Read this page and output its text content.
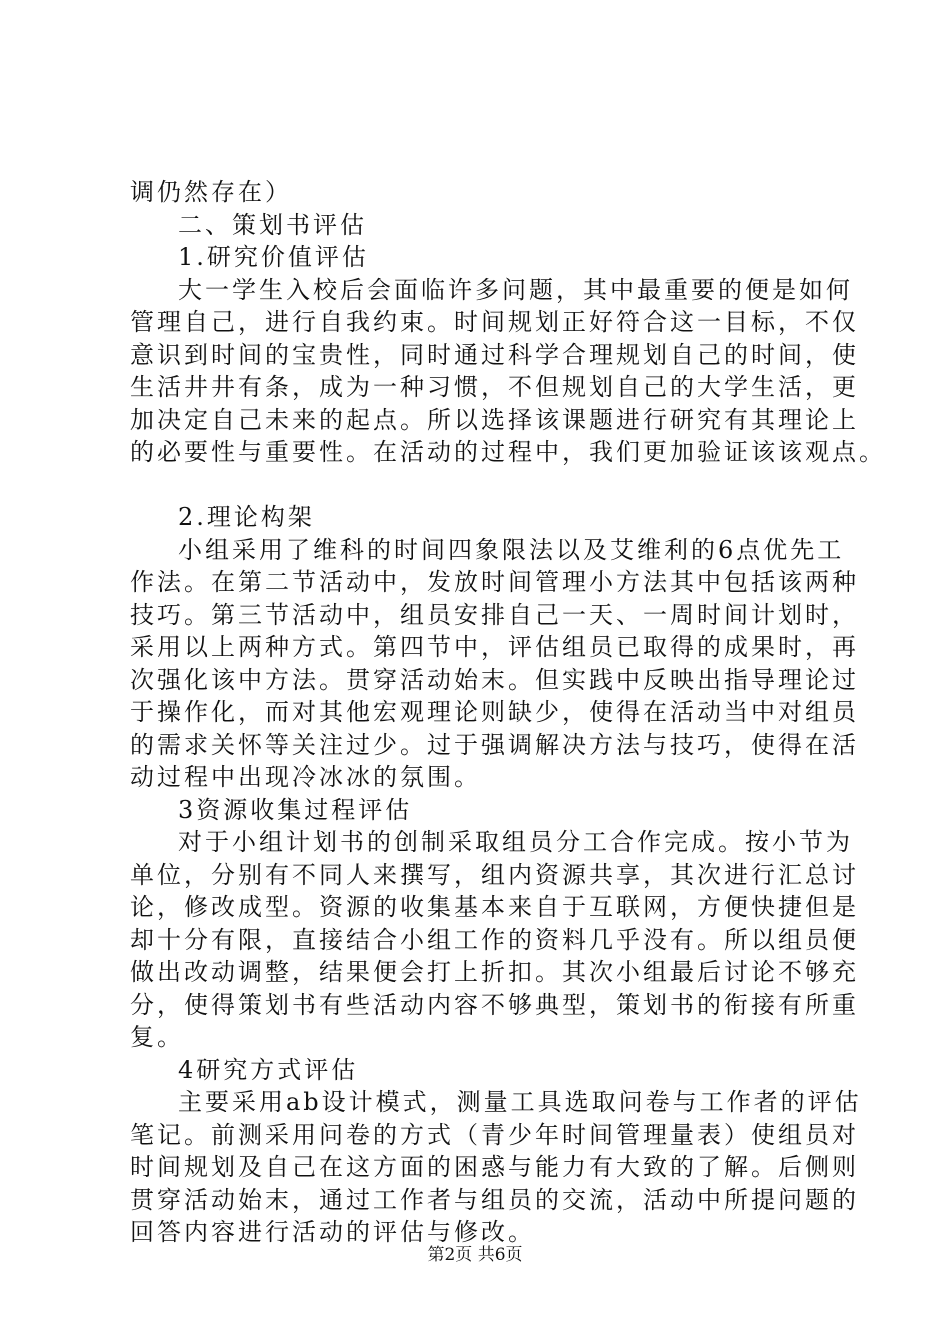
调仍然存在）
二、策划书评估
1.研究价值评估
大一学生入校后会面临许多问题，其中最重要的便是如何
管理自己，进行自我约束。时间规划正好符合这一目标，不仅
意识到时间的宝贵性，同时通过科学合理规划自己的时间，使
生活井井有条，成为一种习惯，不但规划自己的大学生活，更
加决定自己未来的起点。所以选择该课题进行研究有其理论上
的必要性与重要性。在活动的过程中，我们更加验证该该观点。
2.理论构架
小组采用了维科的时间四象限法以及艾维利的6点优先工
作法。在第二节活动中，发放时间管理小方法其中包括该两种
技巧。第三节活动中，组员安排自己一天、一周时间计划时，
采用以上两种方式。第四节中，评估组员已取得的成果时，再
次强化该中方法。贯穿活动始末。但实践中反映出指导理论过
于操作化，而对其他宏观理论则缺少，使得在活动当中对组员
的需求关怀等关注过少。过于强调解决方法与技巧，使得在活
动过程中出现冷冰冰的氛围。
3资源收集过程评估
对于小组计划书的创制采取组员分工合作完成。按小节为
单位，分别有不同人来撰写，组内资源共享，其次进行汇总讨
论，修改成型。资源的收集基本来自于互联网，方便快捷但是
却十分有限，直接结合小组工作的资料几乎没有。所以组员便
做出改动调整，结果便会打上折扣。其次小组最后讨论不够充
分，使得策划书有些活动内容不够典型，策划书的衔接有所重
复。
4研究方式评估
主要采用ab设计模式，测量工具选取问卷与工作者的评估
笔记。前测采用问卷的方式（青少年时间管理量表）使组员对
时间规划及自己在这方面的困惑与能力有大致的了解。后侧则
贯穿活动始末，通过工作者与组员的交流，活动中所提问题的
回答内容进行活动的评估与修改。
第2页 共6页
